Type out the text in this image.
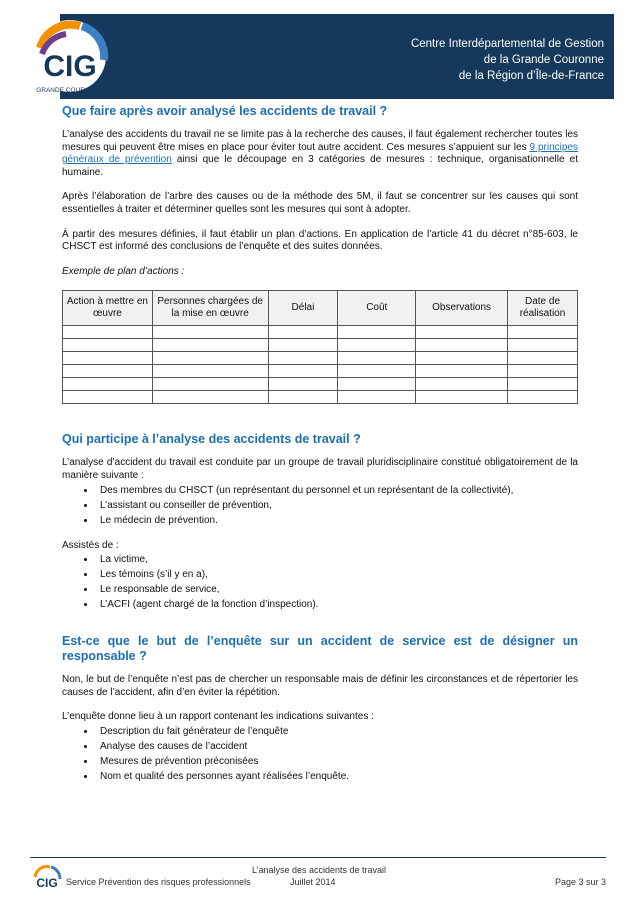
CIG
GRANDE COURONNE
Centre Interdépartemental de Gestion
de la Grande Couronne
de la Région d’Île-de-France
Que faire après avoir analysé les accidents de travail ?

L’analyse des accidents du travail ne se limite pas à la recherche des causes, il faut également rechercher toutes les mesures qui peuvent être mises en place pour éviter tout autre accident. Ces mesures s’appuient sur les 9 principes généraux de prévention ainsi que le découpage en 3 catégories de mesures : technique, organisationnelle et humaine.

Après l’élaboration de l’arbre des causes ou de la méthode des 5M, il faut se concentrer sur les causes qui sont essentielles à traiter et déterminer quelles sont les mesures qui sont à adopter.

À partir des mesures définies, il faut établir un plan d’actions. En application de l’article 41 du décret n°85-603, le CHSCT est informé des conclusions de l’enquête et des suites données.

Exemple de plan d’actions :

Action à mettre en œuvre	Personnes chargées de la mise en œuvre	Délai	Coût	Observations	Date de réalisation

Qui participe à l’analyse des accidents de travail ?

L’analyse d’accident du travail est conduite par un groupe de travail pluridisciplinaire constitué obligatoirement de la manière suivante :

• Des membres du CHSCT (un représentant du personnel et un représentant de la collectivité),
• L’assistant ou conseiller de prévention,
• Le médecin de prévention.

Assistés de :

• La victime,
• Les témoins (s’il y en a),
• Le responsable de service,
• L’ACFI (agent chargé de la fonction d’inspection).
Est-ce que le but de l’enquête sur un accident de service est de désigner un responsable ?

Non, le but de l’enquête n’est pas de chercher un responsable mais de définir les circonstances et de répertorier les causes de l’accident, afin d’en éviter la répétition.

L’enquête donne lieu à un rapport contenant les indications suivantes :

• Description du fait générateur de l’enquête
• Analyse des causes de l’accident
• Mesures de prévention préconisées
• Nom et qualité des personnes ayant réalisées l’enquête.
CIG
L’analyse des accidents de travail
Service Prévention des risques professionnels	Juillet 2014	Page 3 sur 3
